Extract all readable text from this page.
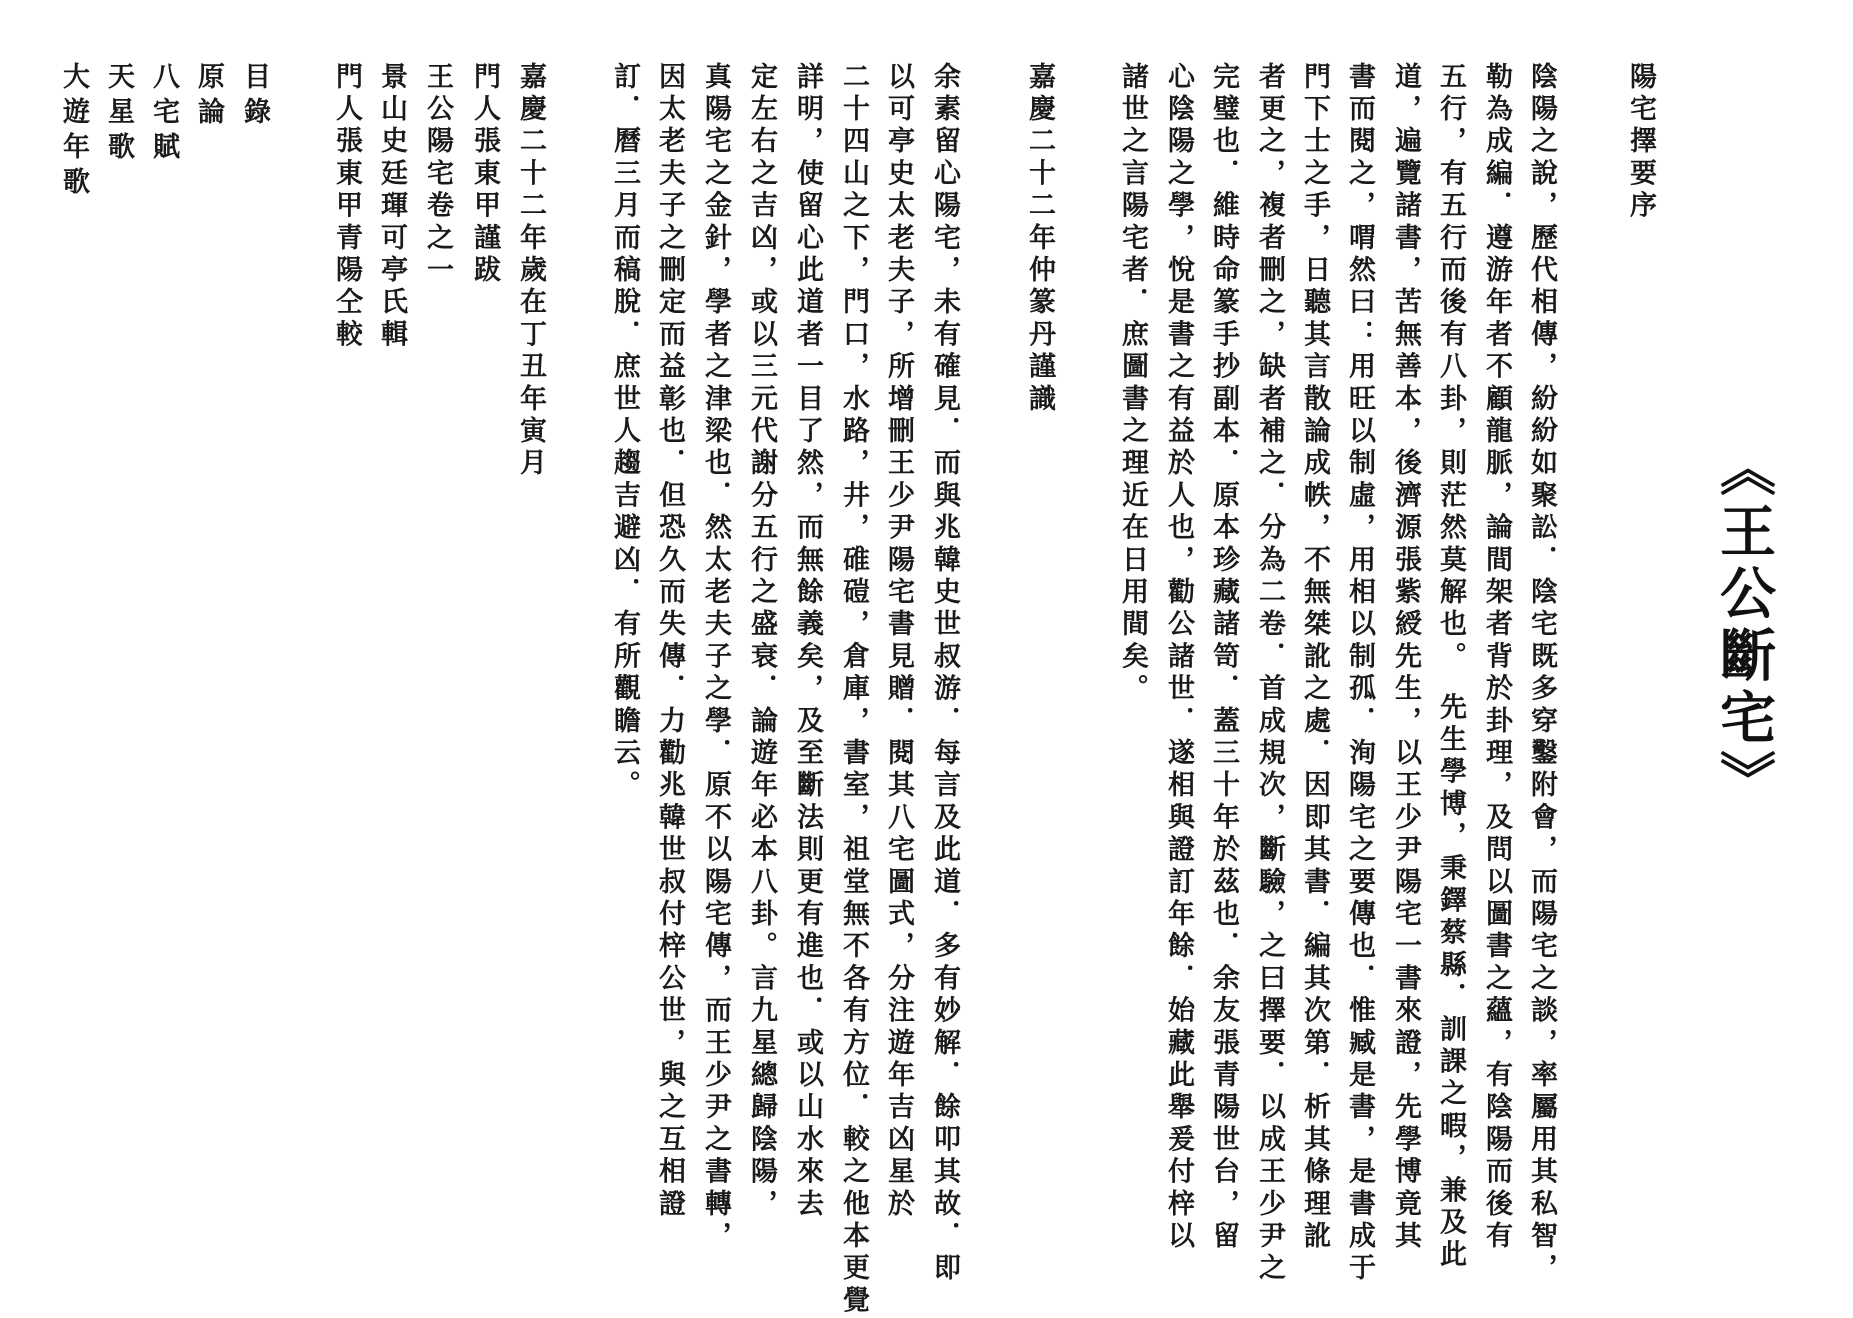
《王公斷宅》
陽宅擇要序
陰陽之說，歷代相傳，紛紛如聚訟．陰宅既多穿鑿附會，而陽宅之談，率屬用其私智，
勒為成編．遵游年者不顧龍脈，論間架者背於卦理，及問以圖書之蘊，有陰陽而後有
五行，有五行而後有八卦，則茫然莫解也。　先生學博，秉鐸蔡縣．訓課之暇，兼及此
道，遍覽諸書，苦無善本，後濟源張紫綬先生，以王少尹陽宅一書來證，先學博竟其
書而閱之，喟然曰：用旺以制虛，用相以制孤．洵陽宅之要傳也．惟臧是書，是書成于
門下士之手，日聽其言散論成帙，不無桀訛之處．因即其書．編其次第．析其條理訛
者更之，複者刪之，缺者補之．分為二卷．首成規次，斷驗，之曰擇要．以成王少尹之
完璧也．維時命篆手抄副本．原本珍藏諸笥．蓋三十年於茲也．余友張青陽世台，留
心陰陽之學，悅是書之有益於人也，勸公諸世．遂相與證訂年餘．始藏此舉爰付梓以
諸世之言陽宅者．庶圖書之理近在日用間矣。
嘉慶二十二年仲篆丹謹識
余素留心陽宅，未有確見．而與兆韓史世叔游．每言及此道．多有妙解．餘叩其故．即
以可亭史太老夫子，所增刪王少尹陽宅書見贈．閱其八宅圖式，分注遊年吉凶星於
二十四山之下，門口，水路，井，碓磑，倉庫，書室，祖堂無不各有方位．較之他本更覺
詳明，使留心此道者一目了然，而無餘義矣，及至斷法則更有進也．或以山水來去
定左右之吉凶，或以三元代謝分五行之盛衰．論遊年必本八卦。言九星總歸陰陽，
真陽宅之金針，學者之津梁也．然太老夫子之學．原不以陽宅傳，而王少尹之書轉，
因太老夫子之刪定而益彰也．但恐久而失傳．力勸兆韓世叔付梓公世，與之互相證
訂．曆三月而稿脫．庶世人趨吉避凶．有所觀瞻云。
嘉慶二十二年歲在丁丑年寅月
門人張東甲謹跋
王公陽宅卷之一
景山史廷琿可亭氏輯
門人張東甲青陽仝較
目錄
原論
八宅賦
天星歌
大遊年歌
